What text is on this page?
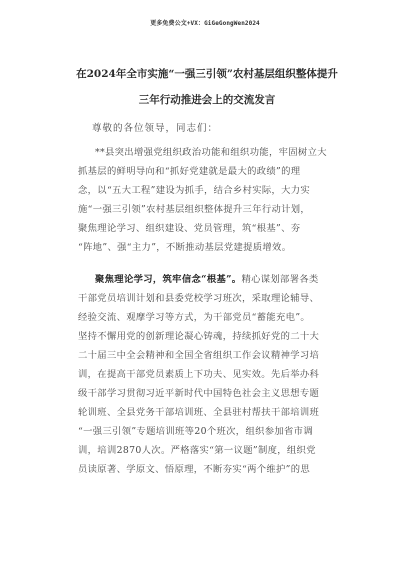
更多免费公文+VX：GiGeGongWen2024
在2024年全市实施“一强三引领”农村基层组织整体提升
三年行动推进会上的交流发言
尊敬的各位领导，同志们：
**县突出增强党组织政治功能和组织功能，牢固树立大
抓基层的鲜明导向和“抓好党建就是最大的政绩”的理
念，以“五大工程”建设为抓手，结合乡村实际，大力实
施“一强三引领”农村基层组织整体提升三年行动计划，
聚焦理论学习、组织建设、党员管理，筑“根基”、夯
“阵地”、强“主力”，不断推动基层党建提质增效。
聚焦理论学习，筑牢信念“根基”。精心谋划部署各类
干部党员培训计划和县委党校学习班次，采取理论辅导、
经验交流、观摩学习等方式，为干部党员“蓄能充电”。
坚持不懈用党的创新理论凝心铸魂，持续抓好党的二十大
二十届三中全会精神和全国全省组织工作会议精神学习培
训，在提高干部党员素质上下功夫、见实效。先后举办科
级干部学习贯彻习近平新时代中国特色社会主义思想专题
轮训班、全县党务干部培训班、全县驻村帮扶干部培训班
“一强三引领”专题培训班等20个班次，组织参加省市调
训，培训2870人次。严格落实“第一议题”制度，组织党
员读原著、学原文、悟原理，不断夯实“两个维护”的思
